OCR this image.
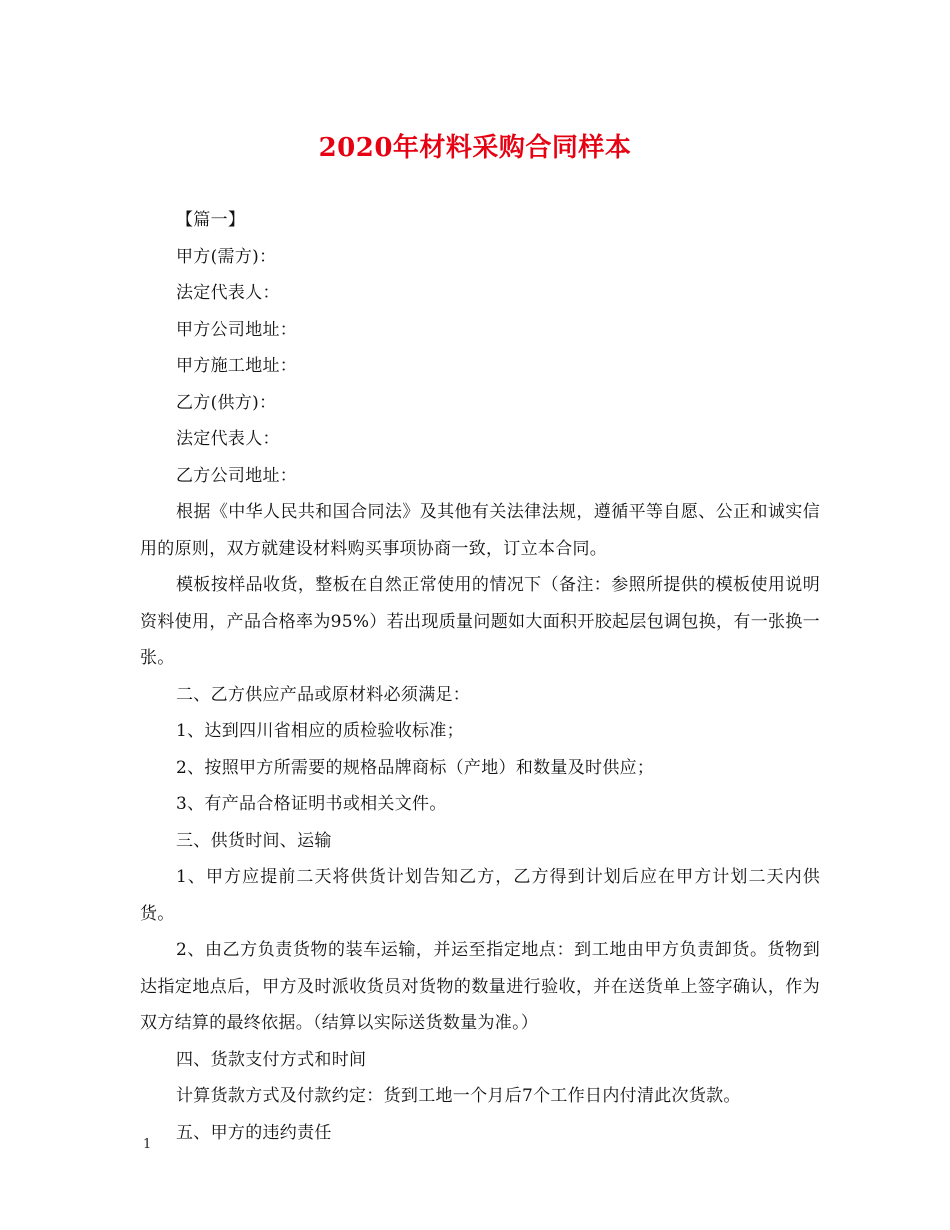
2020年材料采购合同样本

【篇一】

甲方(需方)：

法定代表人：

甲方公司地址：

甲方施工地址：

乙方(供方)：

法定代表人：

乙方公司地址：

根据《中华人民共和国合同法》及其他有关法律法规，遵循平等自愿、公正和诚实信用的原则，双方就建设材料购买事项协商一致，订立本合同。

模板按样品收货，整板在自然正常使用的情况下（备注：参照所提供的模板使用说明资料使用，产品合格率为95%）若出现质量问题如大面积开胶起层包调包换，有一张换一张。

二、乙方供应产品或原材料必须满足：

1、达到四川省相应的质检验收标准；

2、按照甲方所需要的规格品牌商标（产地）和数量及时供应；

3、有产品合格证明书或相关文件。

三、供货时间、运输

1、甲方应提前二天将供货计划告知乙方，乙方得到计划后应在甲方计划二天内供货。

2、由乙方负责货物的装车运输，并运至指定地点：到工地由甲方负责卸货。货物到达指定地点后，甲方及时派收货员对货物的数量进行验收，并在送货单上签字确认，作为双方结算的最终依据。（结算以实际送货数量为准。）

四、货款支付方式和时间

计算货款方式及付款约定：货到工地一个月后7个工作日内付清此次货款。

五、甲方的违约责任

1
